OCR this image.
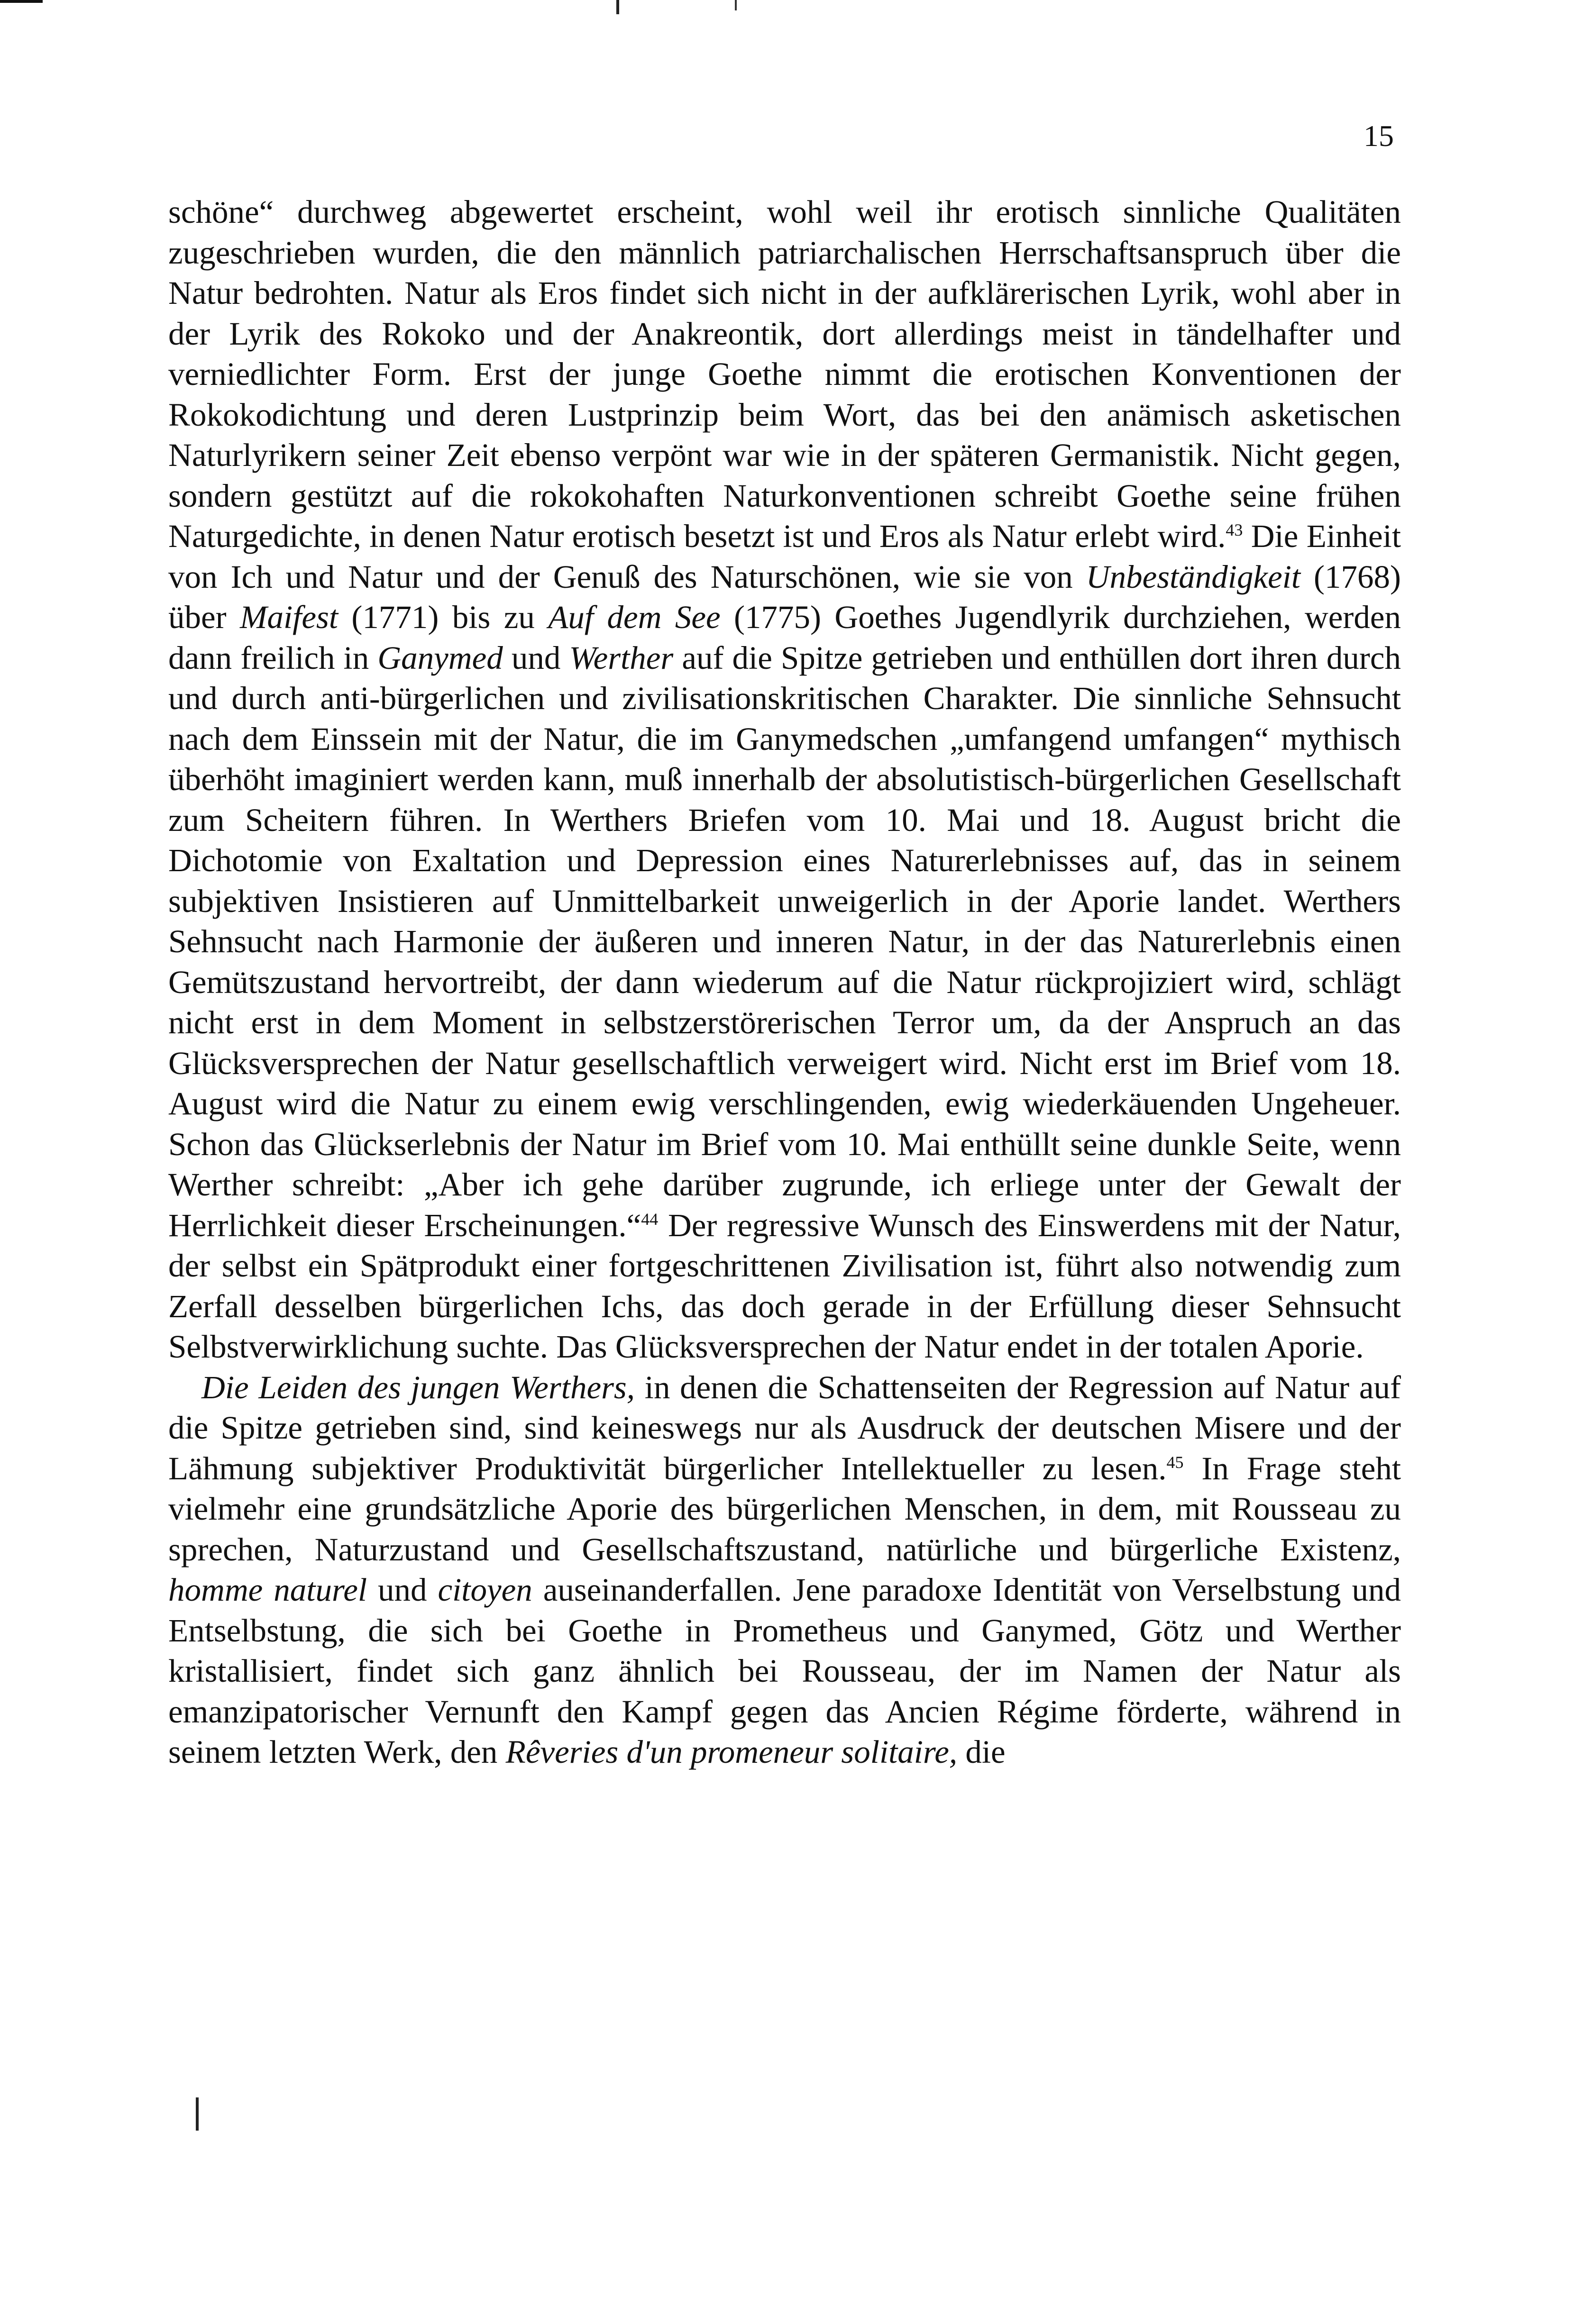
15

schöne“ durchweg abgewertet erscheint, wohl weil ihr erotisch sinnliche Qualitäten zugeschrieben wurden, die den männlich patriarchalischen Herrschaftsanspruch über die Natur bedrohten. Natur als Eros findet sich nicht in der aufklärerischen Lyrik, wohl aber in der Lyrik des Rokoko und der Anakreontik, dort allerdings meist in tändelhafter und verniedlichter Form. Erst der junge Goethe nimmt die erotischen Konventionen der Rokokodichtung und deren Lustprinzip beim Wort, das bei den anämisch asketischen Naturlyrikern seiner Zeit ebenso verpönt war wie in der späteren Germanistik. Nicht gegen, sondern gestützt auf die rokokohaften Naturkonventionen schreibt Goethe seine frühen Naturgedichte, in denen Natur erotisch besetzt ist und Eros als Natur erlebt wird.$^{43}$ Die Einheit von Ich und Natur und der Genuß des Naturschönen, wie sie von Unbeständigkeit (1768) über Maifest (1771) bis zu Auf dem See (1775) Goethes Jugendlyrik durchziehen, werden dann freilich in Ganymed und Werther auf die Spitze getrieben und enthüllen dort ihren durch und durch anti-bürgerlichen und zivilisationskritischen Charakter. Die sinnliche Sehnsucht nach dem Einssein mit der Natur, die im Ganymedschen „umfangend umfangen“ mythisch überhöht imaginiert werden kann, muß innerhalb der absolutistisch-bürgerlichen Gesellschaft zum Scheitern führen. In Werthers Briefen vom 10. Mai und 18. August bricht die Dichotomie von Exaltation und Depression eines Naturerlebnisses auf, das in seinem subjektiven Insistieren auf Unmittelbarkeit unweigerlich in der Aporie landet. Werthers Sehnsucht nach Harmonie der äußeren und inneren Natur, in der das Naturerlebnis einen Gemütszustand hervortreibt, der dann wiederum auf die Natur rückprojiziert wird, schlägt nicht erst in dem Moment in selbstzerstörerischen Terror um, da der Anspruch an das Glücksversprechen der Natur gesellschaftlich verweigert wird. Nicht erst im Brief vom 18. August wird die Natur zu einem ewig verschlingenden, ewig wiederkäuenden Ungeheuer. Schon das Glückserlebnis der Natur im Brief vom 10. Mai enthüllt seine dunkle Seite, wenn Werther schreibt: „Aber ich gehe darüber zugrunde, ich erliege unter der Gewalt der Herrlichkeit dieser Erscheinungen.“$^{44}$ Der regressive Wunsch des Einswerdens mit der Natur, der selbst ein Spätprodukt einer fortgeschrittenen Zivilisation ist, führt also notwendig zum Zerfall desselben bürgerlichen Ichs, das doch gerade in der Erfüllung dieser Sehnsucht Selbstverwirklichung suchte. Das Glücksversprechen der Natur endet in der totalen Aporie.

Die Leiden des jungen Werthers, in denen die Schattenseiten der Regression auf Natur auf die Spitze getrieben sind, sind keineswegs nur als Ausdruck der deutschen Misere und der Lähmung subjektiver Produktivität bürgerlicher Intellektueller zu lesen.$^{45}$ In Frage steht vielmehr eine grundsätzliche Aporie des bürgerlichen Menschen, in dem, mit Rousseau zu sprechen, Naturzustand und Gesellschaftszustand, natürliche und bürgerliche Existenz, homme naturel und citoyen auseinanderfallen. Jene paradoxe Identität von Verselbstung und Entselbstung, die sich bei Goethe in Prometheus und Ganymed, Götz und Werther kristallisiert, findet sich ganz ähnlich bei Rousseau, der im Namen der Natur als emanzipatorischer Vernunft den Kampf gegen das Ancien Régime förderte, während in seinem letzten Werk, den Rêveries d'un promeneur solitaire, die
